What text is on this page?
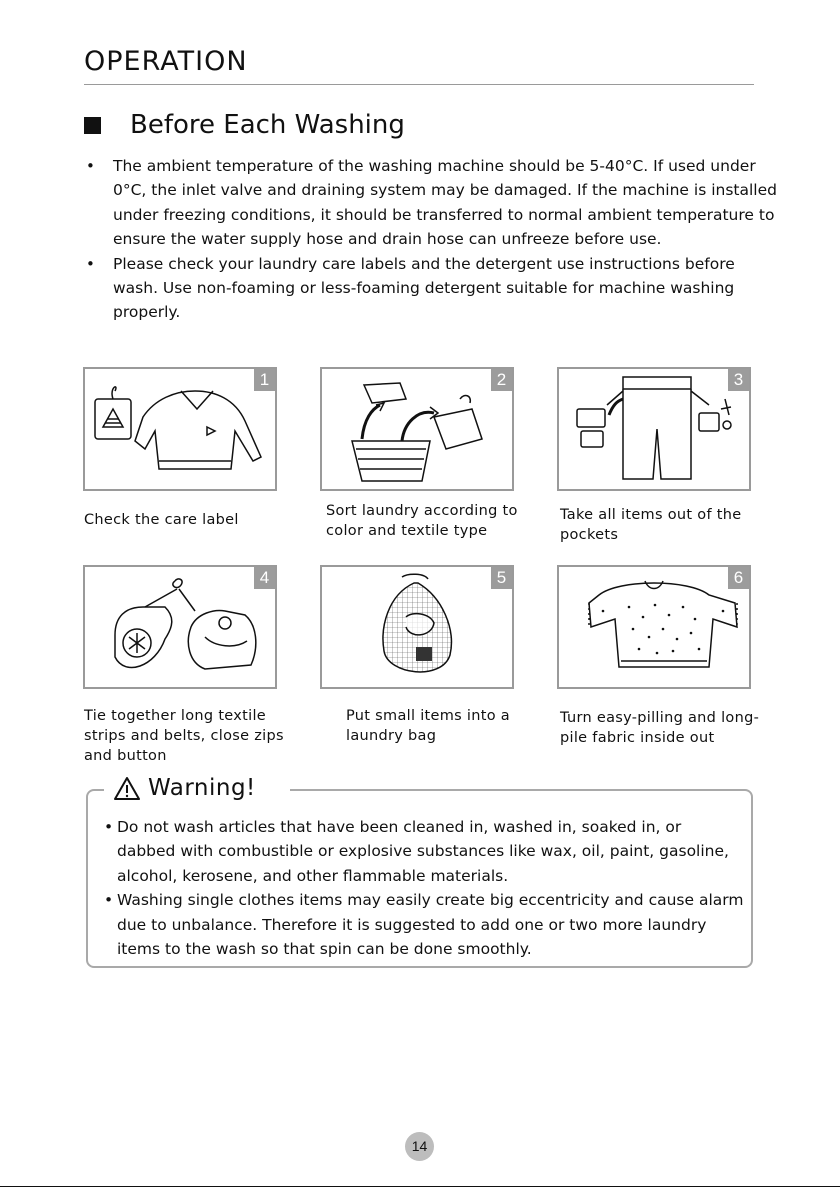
OPERATION
Before Each Washing
• The ambient temperature of the washing machine should be 5-40°C. If used under 0°C, the inlet valve and draining system may be damaged. If the machine is installed under freezing conditions, it should be transferred to normal ambient temperature to ensure the water supply hose and drain hose can unfreeze before use.
• Please check your laundry care labels and the detergent use instructions before wash. Use non-foaming or less-foaming detergent suitable for machine washing properly.
1
Check the care label
2
Sort laundry according to color and textile type
3
Take all items out of the pockets
4
Tie together long textile strips and belts, close zips and button
5
Put small items into a laundry bag
6
Turn easy-pilling and long-pile fabric inside out
Warning!
• Do not wash articles that have been cleaned in, washed in, soaked in, or dabbed with combustible or explosive substances like wax, oil, paint, gasoline, alcohol, kerosene, and other flammable materials.
• Washing single clothes items may easily create big eccentricity and cause alarm due to unbalance. Therefore it is suggested to add one or two more laundry items to the wash so that spin can be done smoothly.
14
